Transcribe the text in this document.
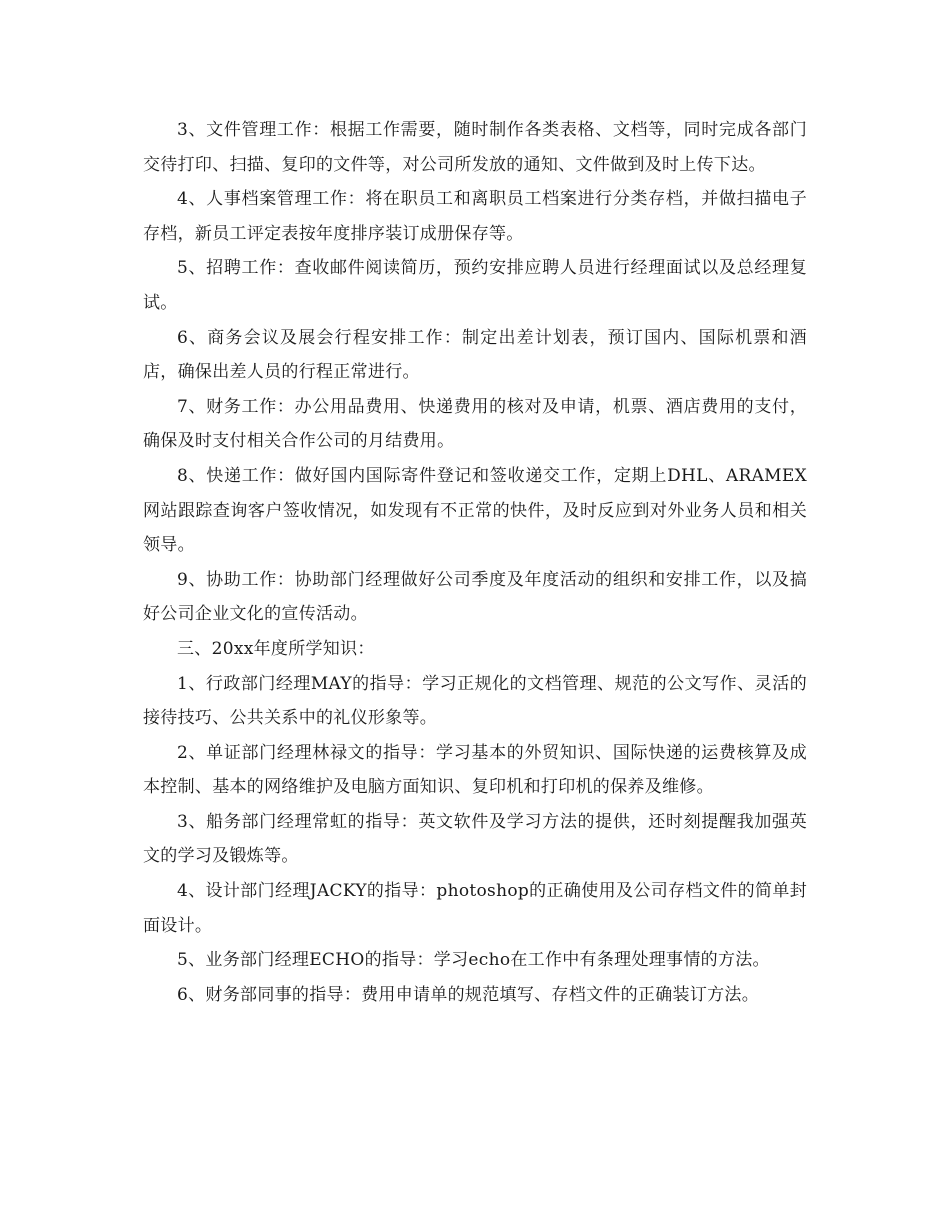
3、文件管理工作：根据工作需要，随时制作各类表格、文档等，同时完成各部门交待打印、扫描、复印的文件等，对公司所发放的通知、文件做到及时上传下达。

4、人事档案管理工作：将在职员工和离职员工档案进行分类存档，并做扫描电子存档，新员工评定表按年度排序装订成册保存等。

5、招聘工作：查收邮件阅读简历，预约安排应聘人员进行经理面试以及总经理复试。

6、商务会议及展会行程安排工作：制定出差计划表，预订国内、国际机票和酒店，确保出差人员的行程正常进行。

7、财务工作：办公用品费用、快递费用的核对及申请，机票、酒店费用的支付，确保及时支付相关合作公司的月结费用。

8、快递工作：做好国内国际寄件登记和签收递交工作，定期上DHL、ARAMEX网站跟踪查询客户签收情况，如发现有不正常的快件，及时反应到对外业务人员和相关领导。

9、协助工作：协助部门经理做好公司季度及年度活动的组织和安排工作，以及搞好公司企业文化的宣传活动。

三、20xx年度所学知识：

1、行政部门经理MAY的指导：学习正规化的文档管理、规范的公文写作、灵活的接待技巧、公共关系中的礼仪形象等。

2、单证部门经理林禄文的指导：学习基本的外贸知识、国际快递的运费核算及成本控制、基本的网络维护及电脑方面知识、复印机和打印机的保养及维修。

3、船务部门经理常虹的指导：英文软件及学习方法的提供，还时刻提醒我加强英文的学习及锻炼等。

4、设计部门经理JACKY的指导：photoshop的正确使用及公司存档文件的简单封面设计。

5、业务部门经理ECHO的指导：学习echo在工作中有条理处理事情的方法。

6、财务部同事的指导：费用申请单的规范填写、存档文件的正确装订方法。
